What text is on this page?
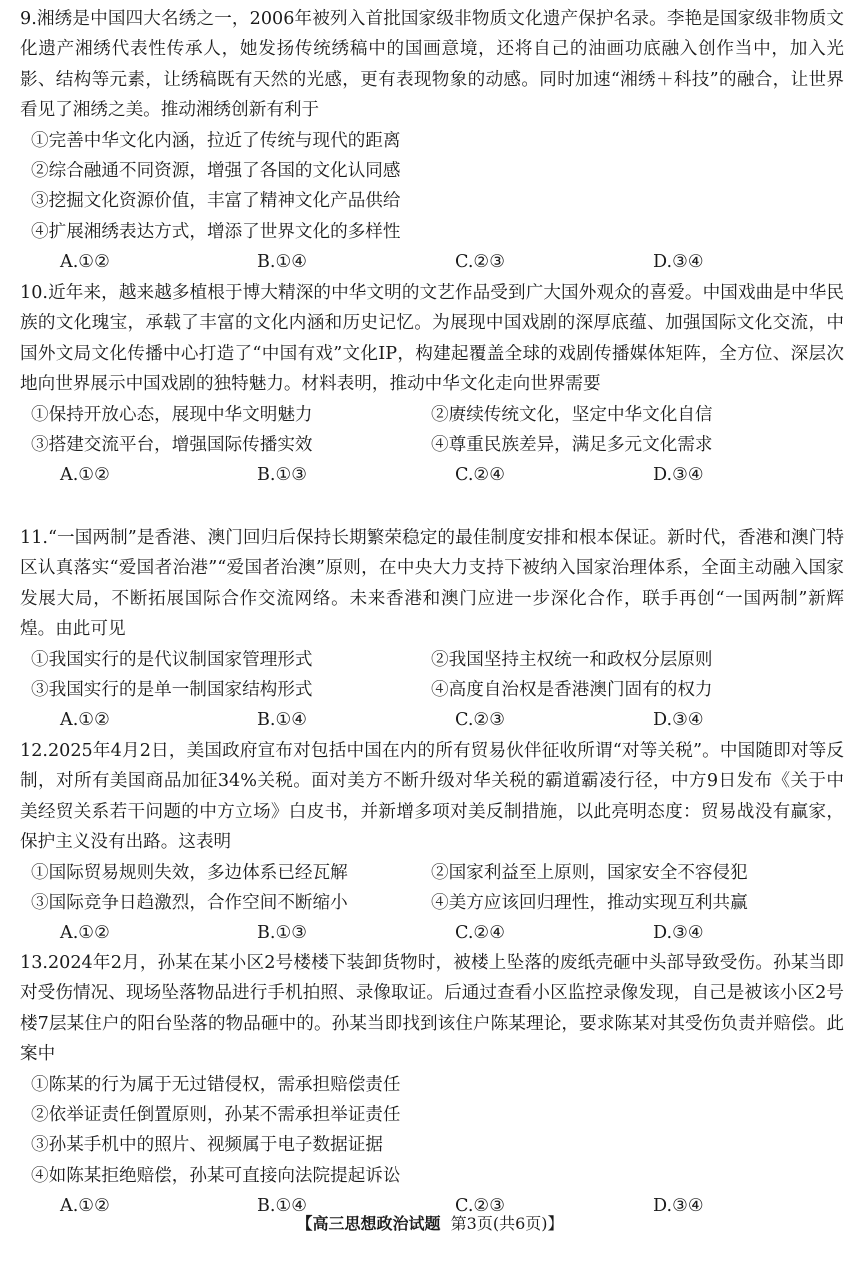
9.湘绣是中国四大名绣之一，2006年被列入首批国家级非物质文化遗产保护名录。李艳是国家级非物质文化遗产湘绣代表性传承人，她发扬传统绣稿中的国画意境，还将自己的油画功底融入创作当中，加入光影、结构等元素，让绣稿既有天然的光感，更有表现物象的动感。同时加速“湘绣＋科技”的融合，让世界看见了湘绣之美。推动湘绣创新有利于
①完善中华文化内涵，拉近了传统与现代的距离
②综合融通不同资源，增强了各国的文化认同感
③挖掘文化资源价值，丰富了精神文化产品供给
④扩展湘绣表达方式，增添了世界文化的多样性
A.①②	B.①④	C.②③	D.③④
10.近年来，越来越多植根于博大精深的中华文明的文艺作品受到广大国外观众的喜爱。中国戏曲是中华民族的文化瑰宝，承载了丰富的文化内涵和历史记忆。为展现中国戏剧的深厚底蕴、加强国际文化交流，中国外文局文化传播中心打造了“中国有戏”文化IP，构建起覆盖全球的戏剧传播媒体矩阵，全方位、深层次地向世界展示中国戏剧的独特魅力。材料表明，推动中华文化走向世界需要
①保持开放心态，展现中华文明魅力	②赓续传统文化，坚定中华文化自信
③搭建交流平台，增强国际传播实效	④尊重民族差异，满足多元文化需求
A.①②	B.①③	C.②④	D.③④
11.“一国两制”是香港、澳门回归后保持长期繁荣稳定的最佳制度安排和根本保证。新时代，香港和澳门特区认真落实“爱国者治港”“爱国者治澳”原则，在中央大力支持下被纳入国家治理体系，全面主动融入国家发展大局，不断拓展国际合作交流网络。未来香港和澳门应进一步深化合作，联手再创“一国两制”新辉煌。由此可见
①我国实行的是代议制国家管理形式	②我国坚持主权统一和政权分层原则
③我国实行的是单一制国家结构形式	④高度自治权是香港澳门固有的权力
A.①②	B.①④	C.②③	D.③④
12.2025年4月2日，美国政府宣布对包括中国在内的所有贸易伙伴征收所谓“对等关税”。中国随即对等反制，对所有美国商品加征34%关税。面对美方不断升级对华关税的霸道霸凌行径，中方9日发布《关于中美经贸关系若干问题的中方立场》白皮书，并新增多项对美反制措施，以此亮明态度：贸易战没有赢家，保护主义没有出路。这表明
①国际贸易规则失效，多边体系已经瓦解	②国家利益至上原则，国家安全不容侵犯
③国际竞争日趋激烈，合作空间不断缩小	④美方应该回归理性，推动实现互利共赢
A.①②	B.①③	C.②④	D.③④
13.2024年2月，孙某在某小区2号楼楼下装卸货物时，被楼上坠落的废纸壳砸中头部导致受伤。孙某当即对受伤情况、现场坠落物品进行手机拍照、录像取证。后通过查看小区监控录像发现，自己是被该小区2号楼7层某住户的阳台坠落的物品砸中的。孙某当即找到该住户陈某理论，要求陈某对其受伤负责并赔偿。此案中
①陈某的行为属于无过错侵权，需承担赔偿责任
②依举证责任倒置原则，孙某不需承担举证责任
③孙某手机中的照片、视频属于电子数据证据
④如陈某拒绝赔偿，孙某可直接向法院提起诉讼
A.①②	B.①④	C.②③	D.③④
【高三思想政治试题 第3页(共6页)】
